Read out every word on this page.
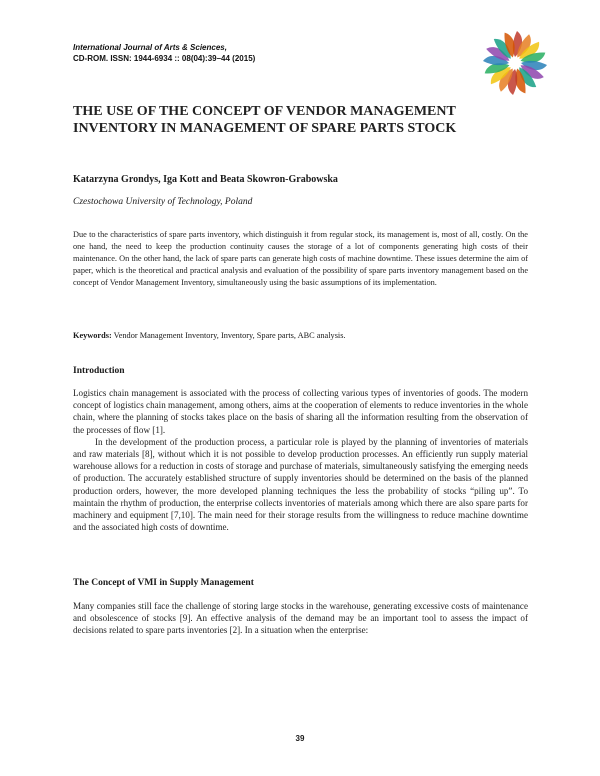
International Journal of Arts & Sciences,
CD-ROM. ISSN: 1944-6934 :: 08(04):39–44 (2015)
THE USE OF THE CONCEPT OF VENDOR MANAGEMENT
INVENTORY IN MANAGEMENT OF SPARE PARTS STOCK
Katarzyna Grondys, Iga Kott and Beata Skowron-Grabowska
Czestochowa University of Technology, Poland

Due to the characteristics of spare parts inventory, which distinguish it from regular stock, its management is, most of all, costly. On the one hand, the need to keep the production continuity causes the storage of a lot of components generating high costs of their maintenance. On the other hand, the lack of spare parts can generate high costs of machine downtime. These issues determine the aim of paper, which is the theoretical and practical analysis and evaluation of the possibility of spare parts inventory management based on the concept of Vendor Management Inventory, simultaneously using the basic assumptions of its implementation.

Keywords: Vendor Management Inventory, Inventory, Spare parts, ABC analysis.

Introduction

Logistics chain management is associated with the process of collecting various types of inventories of goods. The modern concept of logistics chain management, among others, aims at the cooperation of elements to reduce inventories in the whole chain, where the planning of stocks takes place on the basis of sharing all the information resulting from the observation of the processes of flow [1].

In the development of the production process, a particular role is played by the planning of inventories of materials and raw materials [8], without which it is not possible to develop production processes. An efficiently run supply material warehouse allows for a reduction in costs of storage and purchase of materials, simultaneously satisfying the emerging needs of production. The accurately established structure of supply inventories should be determined on the basis of the planned production orders, however, the more developed planning techniques the less the probability of stocks “piling up”. To maintain the rhythm of production, the enterprise collects inventories of materials among which there are also spare parts for machinery and equipment [7,10]. The main need for their storage results from the willingness to reduce machine downtime and the associated high costs of downtime.

The Concept of VMI in Supply Management

Many companies still face the challenge of storing large stocks in the warehouse, generating excessive costs of maintenance and obsolescence of stocks [9]. An effective analysis of the demand may be an important tool to assess the impact of decisions related to spare parts inventories [2]. In a situation when the enterprise:

39
